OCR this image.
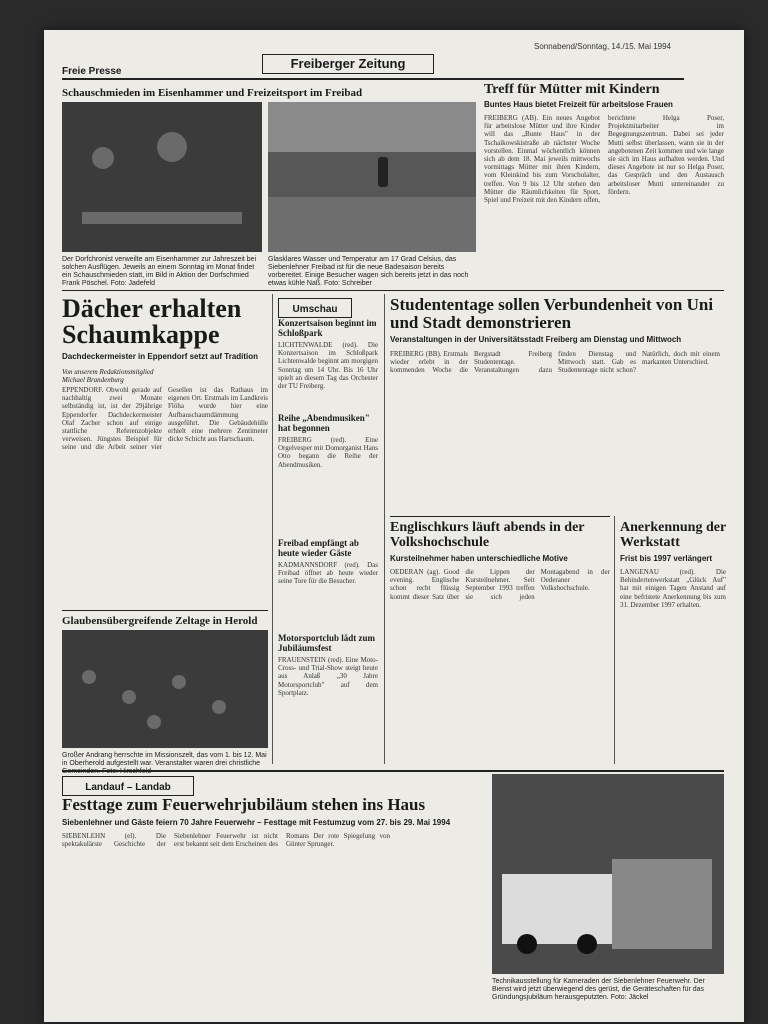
Freie Presse
Freiberger Zeitung
Sonnabend/Sonntag, 14./15. Mai 1994
Schauschmieden im Eisenhammer und Freizeitsport im Freibad
Der Dorfchronist verweilte am Eisenhammer zur Jahreszeit bei solchen Ausflügen. Jeweils an einem Sonntag im Monat findet ein Schauschmieden statt, im Bild in Aktion der Dorfschmied Frank Pöschel. Foto: Jadefeld
Glasklares Wasser und Temperatur am 17 Grad Celsius, das Siebenlehner Freibad ist für die neue Badesaison bereits vorbereitet. Einige Besucher wagen sich bereits jetzt in das noch etwas kühle Naß. Foto: Schreiber
Treff für Mütter mit Kindern
Buntes Haus bietet Freizeit für arbeitslose Frauen
FREIBERG (AB). Ein neues Angebot für arbeitslose Mütter und ihre Kinder will das „Bunte Haus" in der Tschaikowskistraße ab nächster Woche vorstellen. Einmal wöchentlich können sich ab dem 18. Mai jeweils mittwochs vormittags Mütter mit ihren Kindern, vom Kleinkind bis zum Vorschulalter, treffen. Von 9 bis 12 Uhr stehen den Mütter die Räumlichkeiten für Sport, Spiel und Freizeit mit den Kindern offen, berichtete Helga Poser, Projektmitarbeiter im Begegnungszentrum. Dabei sei jeder Mutti selbst überlassen, wann sie in der angebotenen Zeit kommen und wie lange sie sich im Haus aufhalten werden. Und dieses Angebote ist nur so Helga Poser, das Gespräch und den Austausch arbeitsloser Mutti untereinander zu fördern.
Dächer erhalten Schaumkappe
Dachdeckermeister in Eppendorf setzt auf Tradition
Von unserem Redaktionsmitglied Michael Brandenburg
EPPENDORF. Obwohl gerade auf nachhaltig zwei Monate selbständig ist, ist der 29jährige Eppendorfer Dachdeckermeister Olaf Zacher schon auf einige stattliche Referenzobjekte verweisen. Jüngstes Beispiel für seine und die Arbeit seiner vier Gesellen ist das Rathaus im eigenen Ort. Erstmals im Landkreis Flöha wurde hier eine Aufbauschaumdämmung ausgeführt. Die Gebäudehülle erhielt eine mehrere Zentimeter dicke Schicht aus Hartschaum.
Umschau
Konzertsaison beginnt im Schloßpark
LICHTENWALDE (red). Die Konzertsaison im Schloßpark Lichtenwalde beginnt am morgigen Sonntag um 14 Uhr. Bis 16 Uhr spielt an diesem Tag das Orchester der TU Freiberg.
Reihe „Abendmusiken" hat begonnen
FREIBERG (red). Eine Orgelvesper mit Domorganist Hans Otto begann die Reihe der Abendmusiken.
Freibad empfängt ab heute wieder Gäste
KADMANNSDORF (red). Das Freibad öffnet ab heute wieder seine Tore für die Besucher.
Motorsportclub lädt zum Jubiläumsfest
FRAUENSTEIN (red). Eine Moto-Cross- und Trial-Show steigt heute aus Anlaß „30 Jahre Motorsportclub" auf dem Sportplatz.
Studententage sollen Verbundenheit von Uni und Stadt demonstrieren
Veranstaltungen in der Universitätsstadt Freiberg am Dienstag und Mittwoch
FREIBERG (BB). Erstmals wieder erlebt in der kommenden Woche die Bergstadt Freiberg Studententage. Veranstaltungen dazu finden Dienstag und Mittwoch statt. Gab es Studententage nicht schon? Natürlich, doch mit einem markanten Unterschied.
Glaubensübergreifende Zeltage in Herold
Großer Andrang herrschte im Missionszelt, das vom 1. bis 12. Mai in Oberherold aufgestellt war. Veranstalter waren drei christliche
Englischkurs läuft abends in der Volkshochschule
Kursteilnehmer haben unterschiedliche Motive
OEDERAN (ag). Good evening. Englische schon recht flüssig kommt dieser Satz über die Lippen der Kursteilnehmer. Seit September 1993 treffen sie sich jeden Montagabend in der Oederaner Volkshochschule.
Anerkennung der Werkstatt
Frist bis 1997 verlängert
LANGENAU (red). Die Behindertenwerkstatt „Glück Auf" hat mit einigen Tagen Anstand auf eine befristete Anerkennung bis zum 31. Dezember 1997 erhalten.
Landauf – Landab
Festtage zum Feuerwehrjubiläum stehen ins Haus
Siebenlehner und Gäste feiern 70 Jahre Feuerwehr – Festtage mit Festumzug vom 27. bis 29. Mai 1994
SIEBENLEHN (el). Die spektakulärste Geschichte der Siebenlehner Feuerwehr ist nicht erst bekannt seit dem Erscheinen des Romans Der rote Spiegelung von Günter Sprunger.
Technikausstellung für Kameraden der Siebenlehner Feuerwehr. Der Bienst wird jetzt überwiegend des gerüst, die Geräteschaften für das Gründungsjubiläum herausgeputzten. Foto: Jäckel
